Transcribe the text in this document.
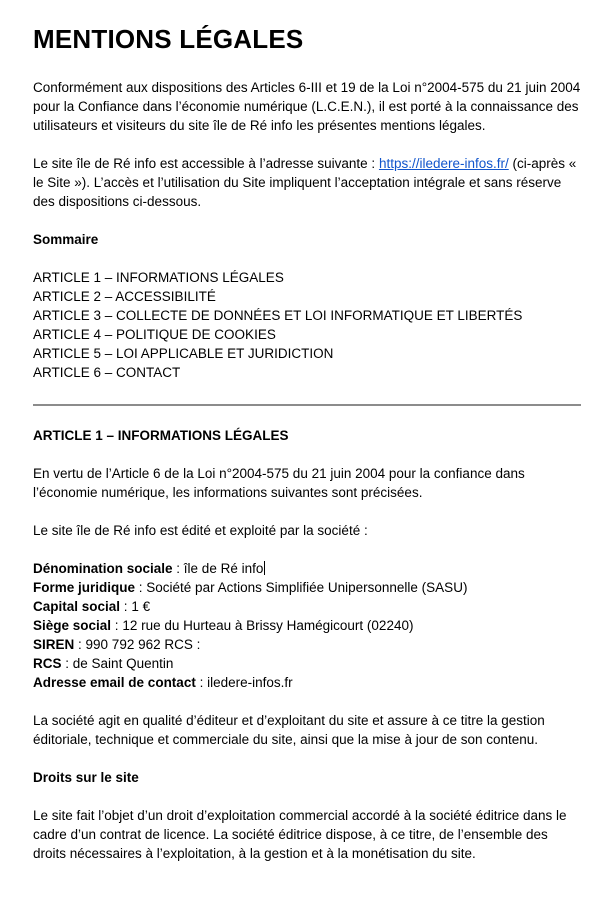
MENTIONS LÉGALES

Conformément aux dispositions des Articles 6-III et 19 de la Loi n°2004-575 du 21 juin 2004 pour la Confiance dans l’économie numérique (L.C.E.N.), il est porté à la connaissance des utilisateurs et visiteurs du site île de Ré info les présentes mentions légales.

Le site île de Ré info est accessible à l’adresse suivante : https://iledere-infos.fr/ (ci-après « le Site »). L’accès et l’utilisation du Site impliquent l’acceptation intégrale et sans réserve des dispositions ci-dessous.

Sommaire

ARTICLE 1 – INFORMATIONS LÉGALES
ARTICLE 2 – ACCESSIBILITÉ
ARTICLE 3 – COLLECTE DE DONNÉES ET LOI INFORMATIQUE ET LIBERTÉS
ARTICLE 4 – POLITIQUE DE COOKIES
ARTICLE 5 – LOI APPLICABLE ET JURIDICTION
ARTICLE 6 – CONTACT

ARTICLE 1 – INFORMATIONS LÉGALES

En vertu de l’Article 6 de la Loi n°2004-575 du 21 juin 2004 pour la confiance dans l’économie numérique, les informations suivantes sont précisées.

Le site île de Ré info est édité et exploité par la société :

Dénomination sociale : île de Ré info
Forme juridique : Société par Actions Simplifiée Unipersonnelle (SASU)
Capital social : 1 €
Siège social : 12 rue du Hurteau à Brissy Hamégicourt (02240)
SIREN : 990 792 962 RCS :
RCS : de Saint Quentin
Adresse email de contact : iledere-infos.fr

La société agit en qualité d’éditeur et d’exploitant du site et assure à ce titre la gestion éditoriale, technique et commerciale du site, ainsi que la mise à jour de son contenu.

Droits sur le site

Le site fait l’objet d’un droit d’exploitation commercial accordé à la société éditrice dans le cadre d’un contrat de licence. La société éditrice dispose, à ce titre, de l’ensemble des droits nécessaires à l’exploitation, à la gestion et à la monétisation du site.
